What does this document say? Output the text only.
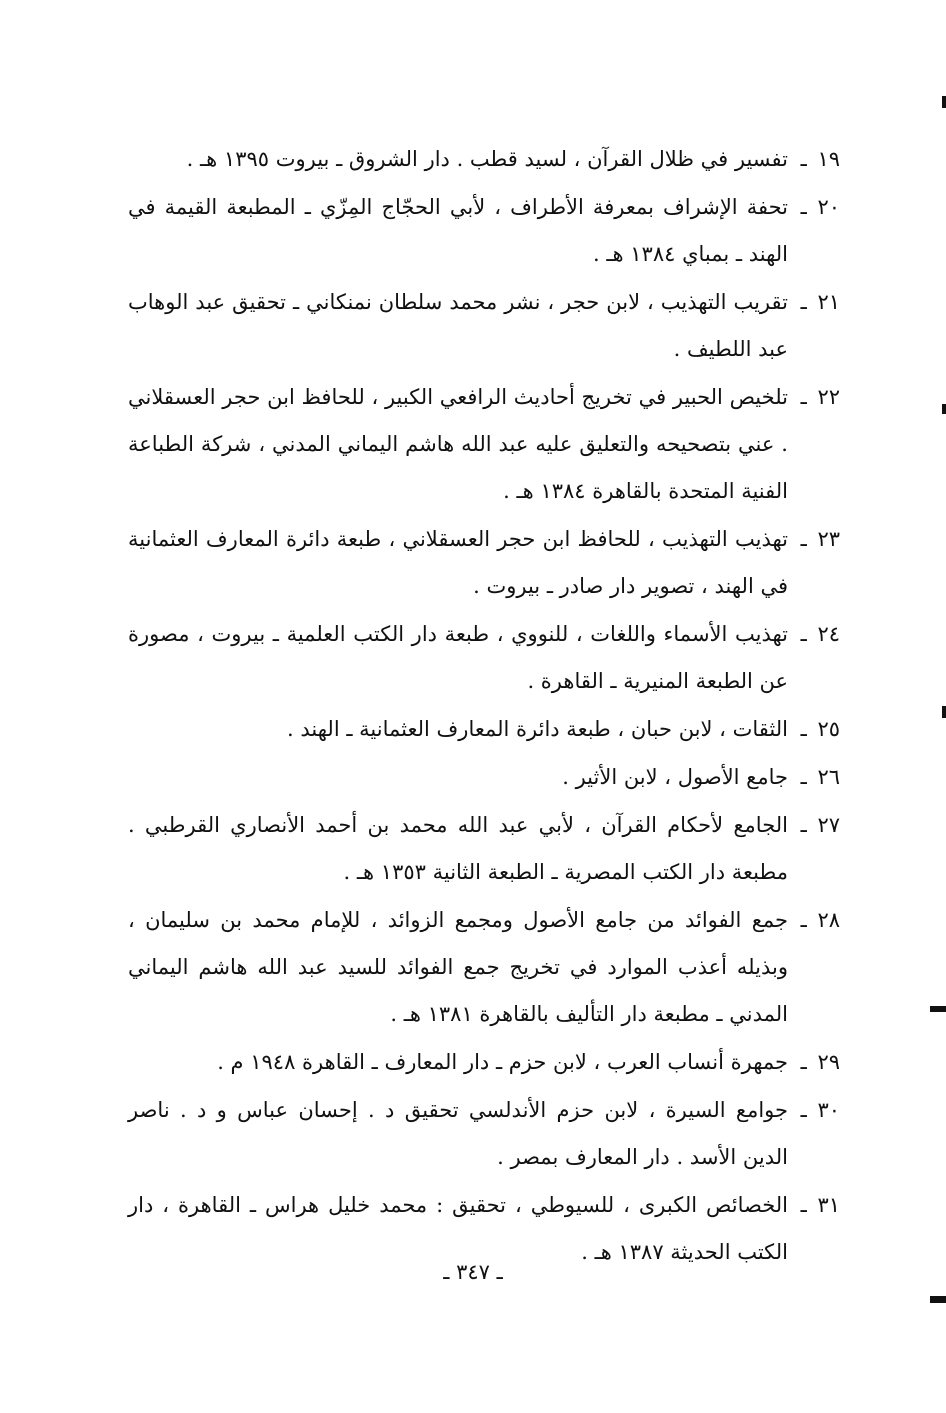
١٩ ـ
تفسير في ظلال القرآن ، لسيد قطب . دار الشروق ـ بيروت ١٣٩٥ هـ .
٢٠ ـ
تحفة الإشراف بمعرفة الأطراف ، لأبي الحجّاج المِزّي ـ المطبعة القيمة في الهند ـ بمباي ١٣٨٤ هـ .
٢١ ـ
تقريب التهذيب ، لابن حجر ، نشر محمد سلطان نمنكاني ـ تحقيق عبد الوهاب عبد اللطيف .
٢٢ ـ
تلخيص الحبير في تخريج أحاديث الرافعي الكبير ، للحافظ ابن حجر العسقلاني . عني بتصحيحه والتعليق عليه عبد الله هاشم اليماني المدني ، شركة الطباعة الفنية المتحدة بالقاهرة ١٣٨٤ هـ .
٢٣ ـ
تهذيب التهذيب ، للحافظ ابن حجر العسقلاني ، طبعة دائرة المعارف العثمانية في الهند ، تصوير دار صادر ـ بيروت .
٢٤ ـ
تهذيب الأسماء واللغات ، للنووي ، طبعة دار الكتب العلمية ـ بيروت ، مصورة عن الطبعة المنيرية ـ القاهرة .
٢٥ ـ
الثقات ، لابن حبان ، طبعة دائرة المعارف العثمانية ـ الهند .
٢٦ ـ
جامع الأصول ، لابن الأثير .
٢٧ ـ
الجامع لأحكام القرآن ، لأبي عبد الله محمد بن أحمد الأنصاري القرطبي . مطبعة دار الكتب المصرية ـ الطبعة الثانية ١٣٥٣ هـ .
٢٨ ـ
جمع الفوائد من جامع الأصول ومجمع الزوائد ، للإمام محمد بن سليمان ، وبذيله أعذب الموارد في تخريج جمع الفوائد للسيد عبد الله هاشم اليماني المدني ـ مطبعة دار التأليف بالقاهرة ١٣٨١ هـ .
٢٩ ـ
جمهرة أنساب العرب ، لابن حزم ـ دار المعارف ـ القاهرة ١٩٤٨ م .
٣٠ ـ
جوامع السيرة ، لابن حزم الأندلسي تحقيق د . إحسان عباس و د . ناصر الدين الأسد . دار المعارف بمصر .
٣١ ـ
الخصائص الكبرى ، للسيوطي ، تحقيق : محمد خليل هراس ـ القاهرة ، دار الكتب الحديثة ١٣٨٧ هـ .
ـ ٣٤٧ ـ
